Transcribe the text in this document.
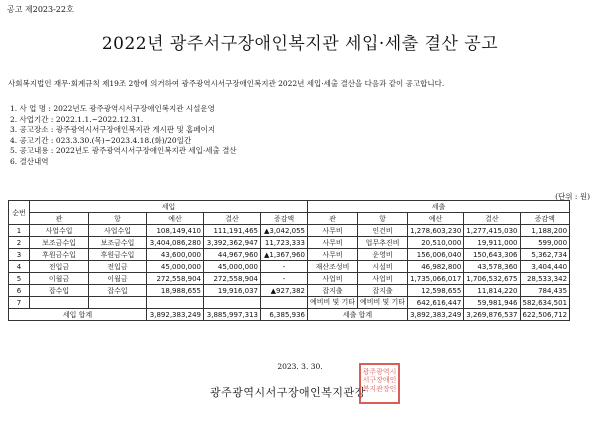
공고 제2023-22호
2022년 광주서구장애인복지관 세입·세출 결산 공고
사회복지법인 재무·회계규칙 제19조 2항에 의거하여 광주광역시서구장애인복지관 2022년 세입·세출 결산을 다음과 같이 공고합니다.
1. 사 업 명 : 2022년도 광주광역시서구장애인복지관 시설운영
2. 사업기간 : 2022.1.1.~2022.12.31.
3. 공고장소 : 광주광역시서구장애인복지관 게시판 및 홈페이지
4. 공고기간 : 023.3.30.(목)~2023.4.18.(화)/20일간
5. 공고내용 : 2022년도 광주광역시서구장애인복지관 세입·세출 결산
6. 결산내역
(단위 : 원)
순번	세입					세출				
	관	항	예산	결산	증감액	관	항	예산	결산	증감액
1	사업수입	사업수입	108,149,410	111,191,465	▲3,042,055	사무비	인건비	1,278,603,230	1,277,415,030	1,188,200
2	보조금수입	보조금수입	3,404,086,280	3,392,362,947	11,723,333	사무비	업무추진비	20,510,000	19,911,000	599,000
3	후원금수입	후원금수입	43,600,000	44,967,960	▲1,367,960	사무비	운영비	156,006,040	150,643,306	5,362,734
4	전입금	전입금	45,000,000	45,000,000	-	재산조성비	시설비	46,982,800	43,578,360	3,404,440
5	이월금	이월금	272,558,904	272,558,904	-	사업비	사업비	1,735,066,017	1,706,532,675	28,533,342
6	잡수입	잡수입	18,988,655	19,916,037	▲927,382	잡지출	잡지출	12,598,655	11,814,220	784,435
7						예비비 및 기타	예비비 및 기타	642,616,447	59,981,946	582,634,501
세입 합계			3,892,383,249	3,885,997,313	6,385,936	세출 합계		3,892,383,249	3,269,876,537	622,506,712
2023. 3. 30.
광주광역시서구장애인복지관장
광주광역시 서구장애인 복지관장인
